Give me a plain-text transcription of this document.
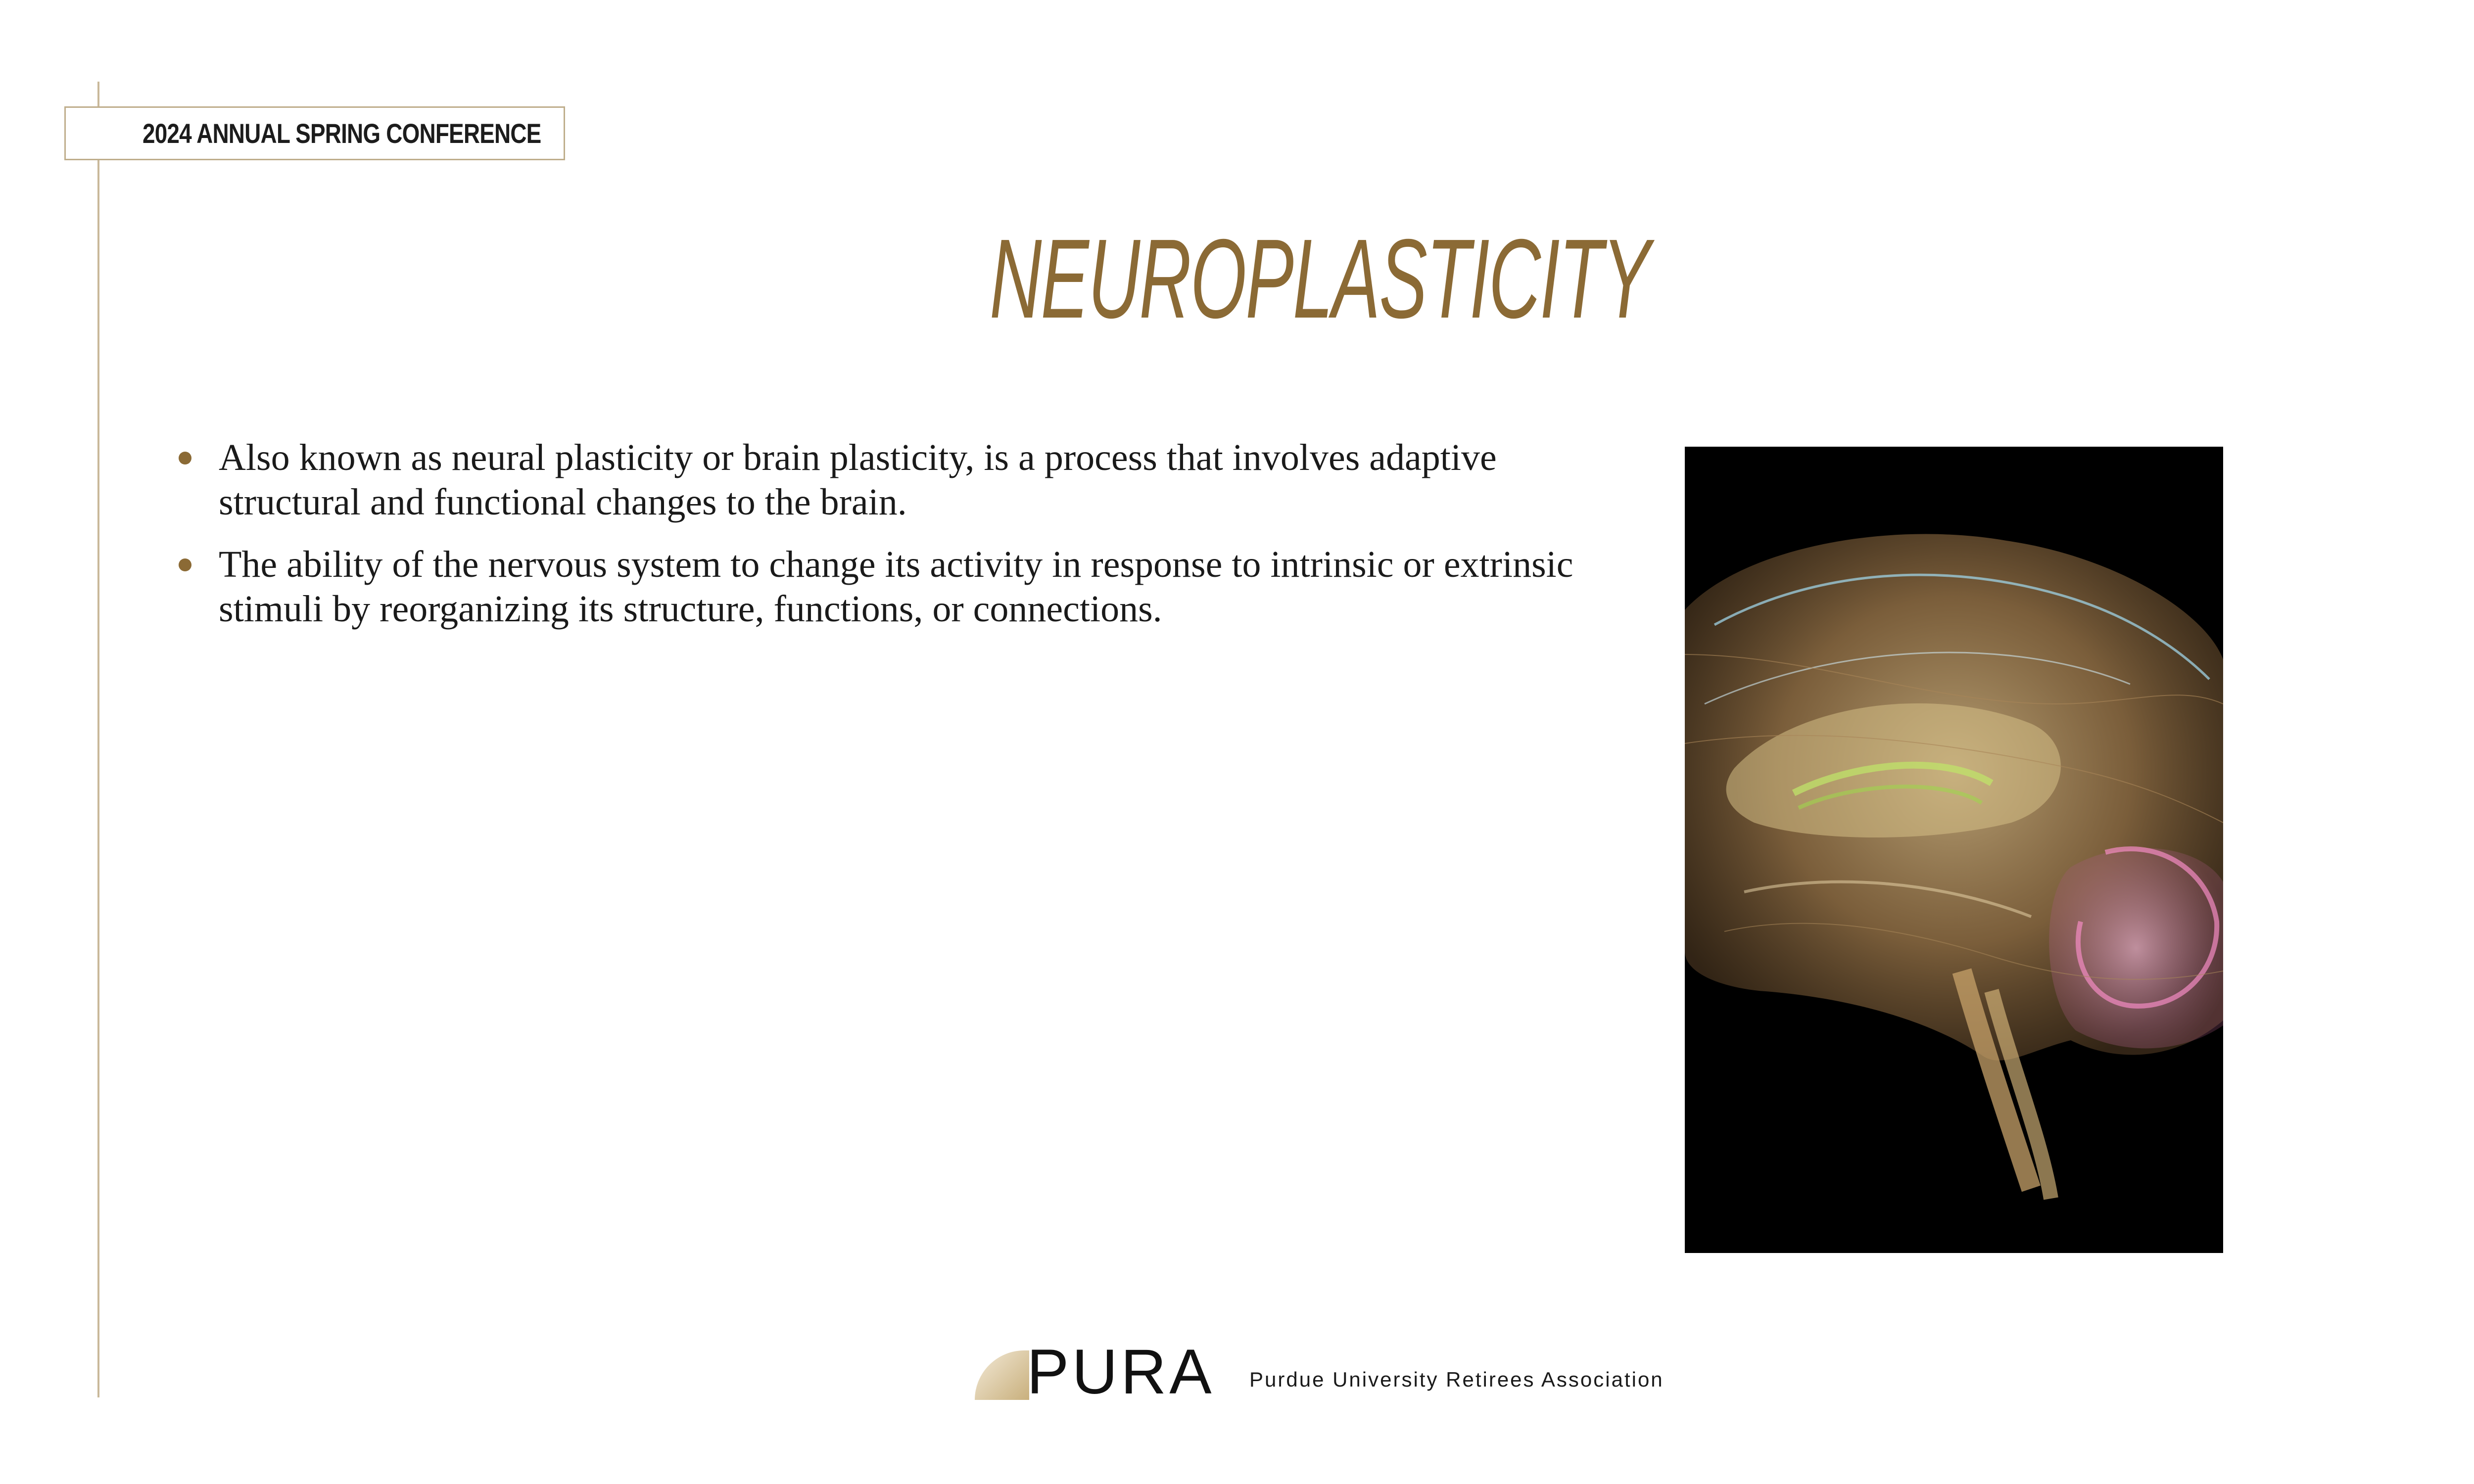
2024 ANNUAL SPRING CONFERENCE
NEUROPLASTICITY
Also known as neural plasticity or brain plasticity, is a process that involves adaptive structural and functional changes to the brain.
The ability of the nervous system to change its activity in response to intrinsic or extrinsic stimuli by reorganizing its structure, functions, or connections.
PURA Purdue University Retirees Association
